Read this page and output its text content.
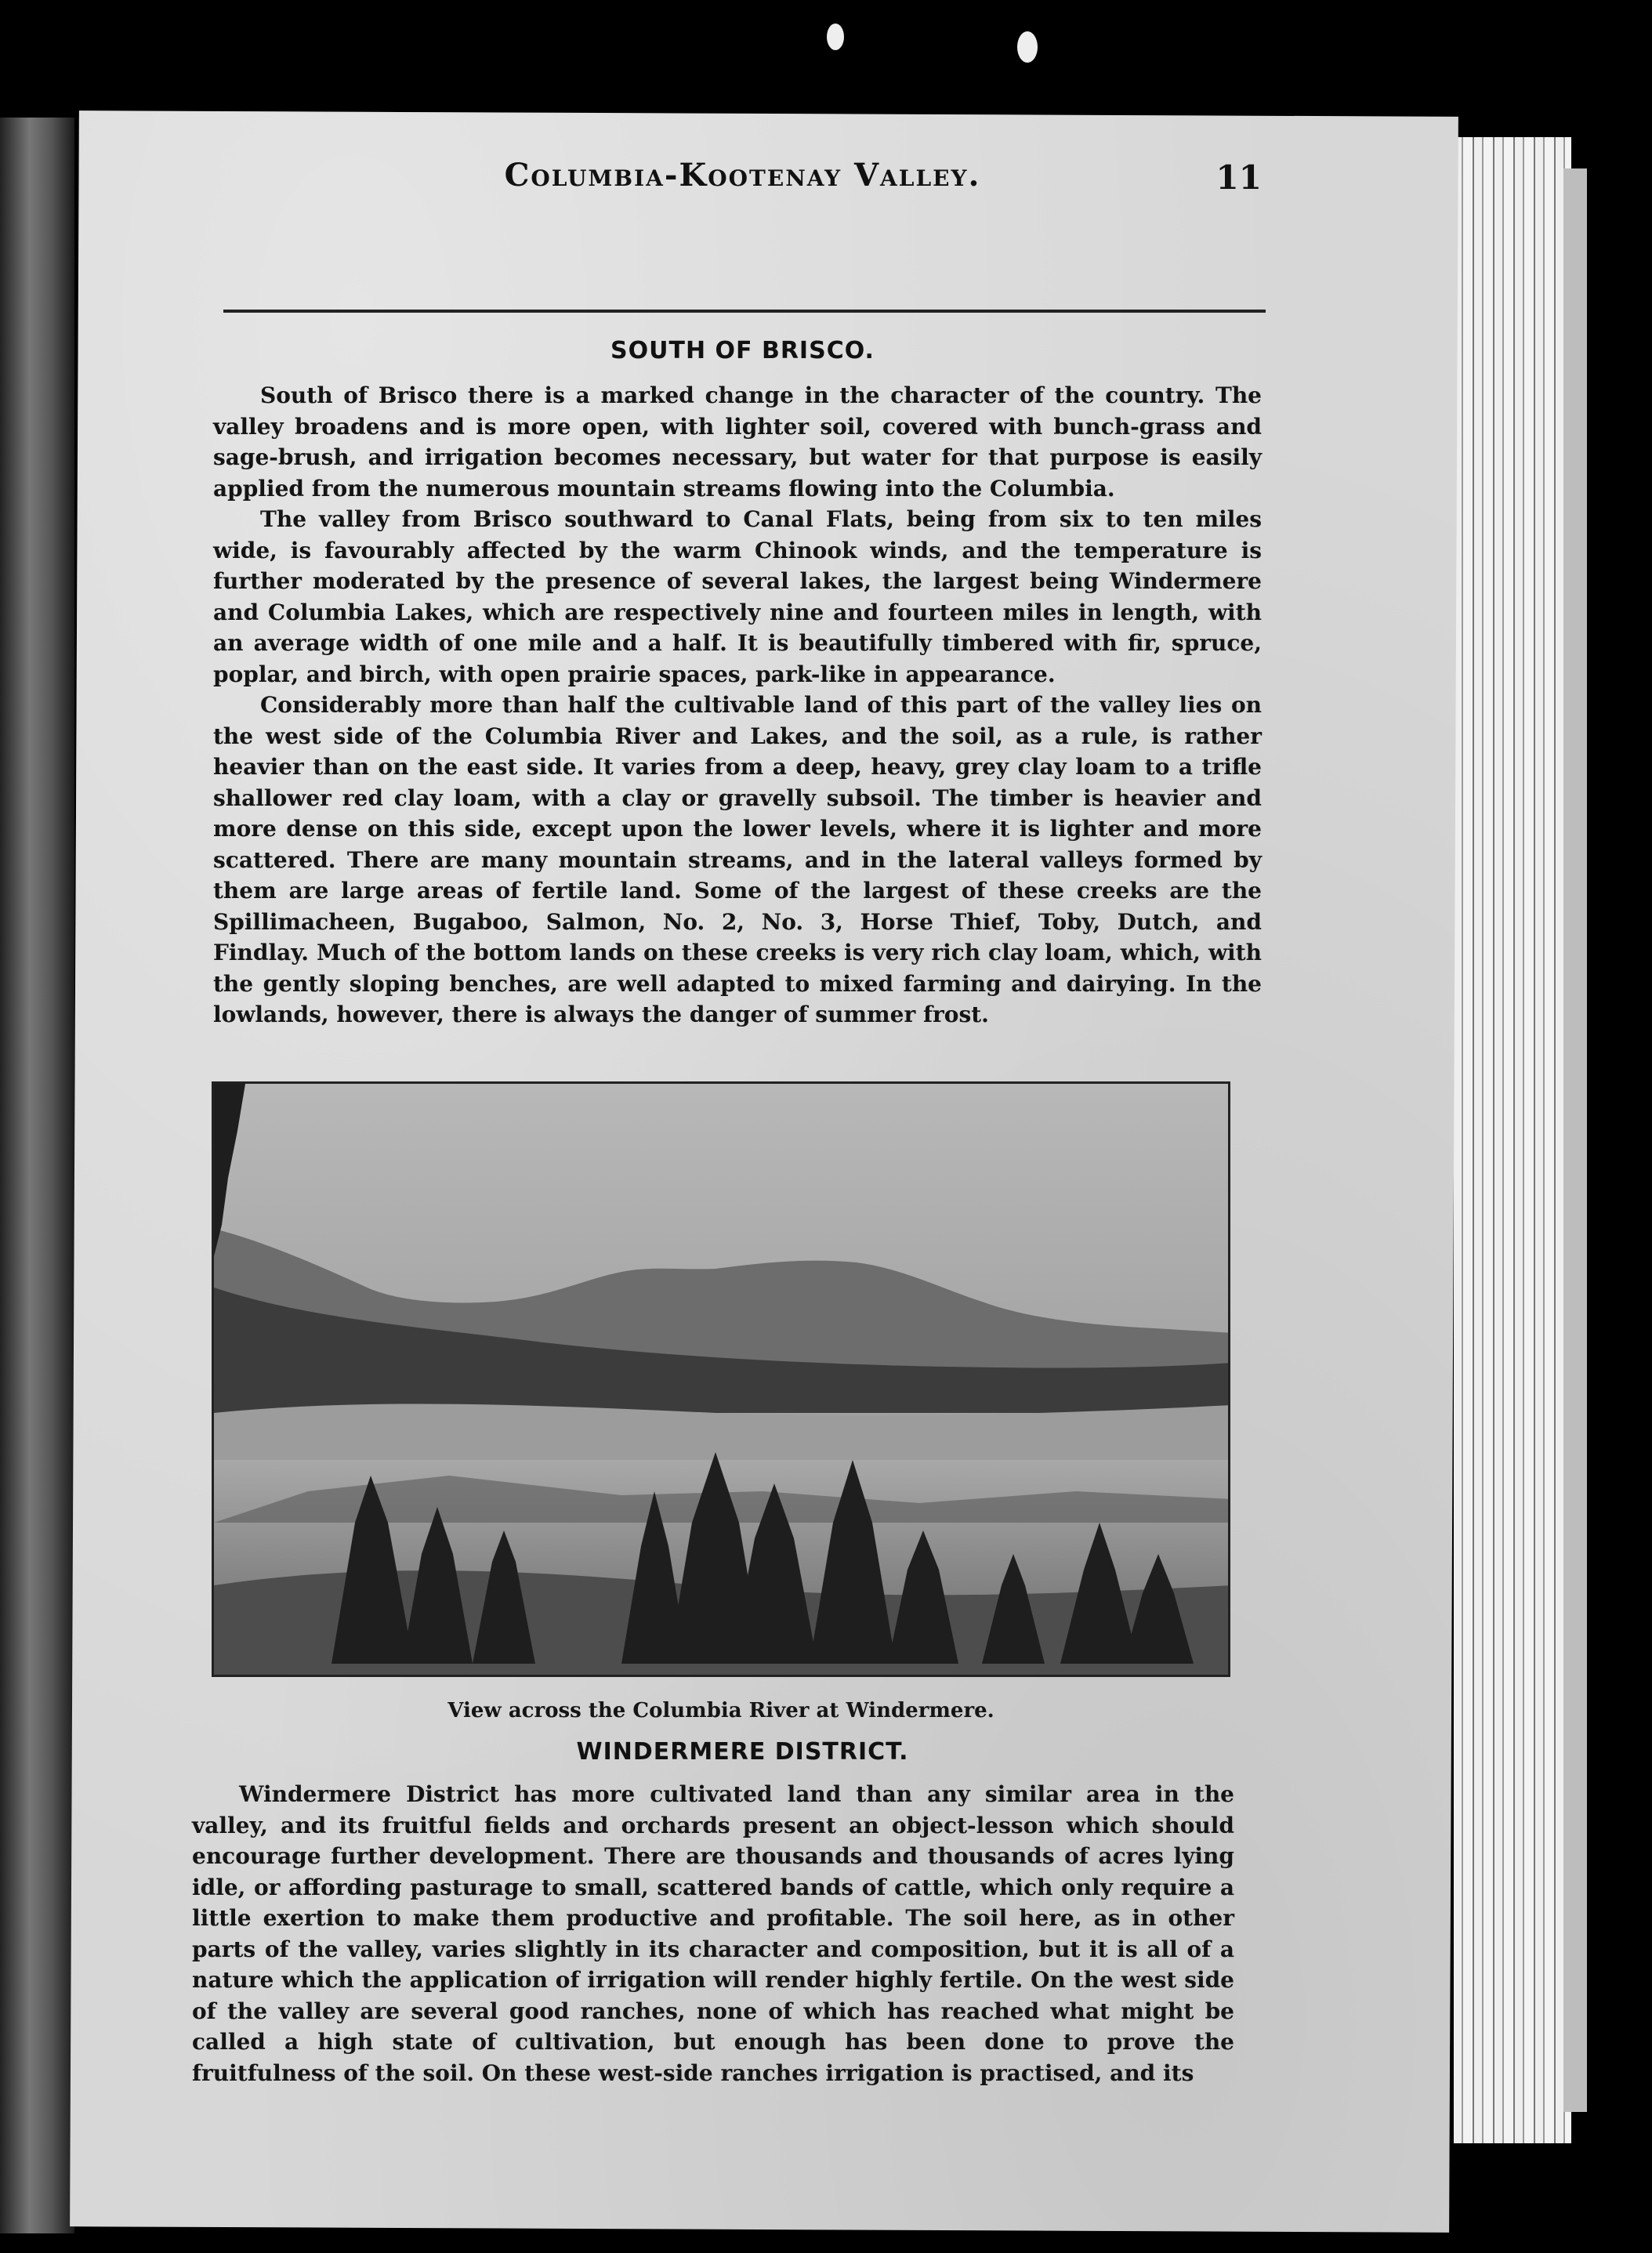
Columbia-Kootenay Valley.	11
SOUTH OF BRISCO.

South of Brisco there is a marked change in the character of the country. The valley broadens and is more open, with lighter soil, covered with bunch-grass and sage-brush, and irrigation becomes necessary, but water for that purpose is easily applied from the numerous mountain streams flowing into the Columbia.

The valley from Brisco southward to Canal Flats, being from six to ten miles wide, is favourably affected by the warm Chinook winds, and the temperature is further moderated by the presence of several lakes, the largest being Windermere and Columbia Lakes, which are respectively nine and fourteen miles in length, with an average width of one mile and a half. It is beautifully timbered with fir, spruce, poplar, and birch, with open prairie spaces, park-like in appearance.

Considerably more than half the cultivable land of this part of the valley lies on the west side of the Columbia River and Lakes, and the soil, as a rule, is rather heavier than on the east side. It varies from a deep, heavy, grey clay loam to a trifle shallower red clay loam, with a clay or gravelly subsoil. The timber is heavier and more dense on this side, except upon the lower levels, where it is lighter and more scattered. There are many mountain streams, and in the lateral valleys formed by them are large areas of fertile land. Some of the largest of these creeks are the Spillimacheen, Bugaboo, Salmon, No. 2, No. 3, Horse Thief, Toby, Dutch, and Findlay. Much of the bottom lands on these creeks is very rich clay loam, which, with the gently sloping benches, are well adapted to mixed farming and dairying. In the lowlands, however, there is always the danger of summer frost.

View across the Columbia River at Windermere.
WINDERMERE DISTRICT.

Windermere District has more cultivated land than any similar area in the valley, and its fruitful fields and orchards present an object-lesson which should encourage further development. There are thousands and thousands of acres lying idle, or affording pasturage to small, scattered bands of cattle, which only require a little exertion to make them productive and profitable. The soil here, as in other parts of the valley, varies slightly in its character and composition, but it is all of a nature which the application of irrigation will render highly fertile. On the west side of the valley are several good ranches, none of which has reached what might be called a high state of cultivation, but enough has been done to prove the fruitfulness of the soil. On these west-side ranches irrigation is practised, and its
